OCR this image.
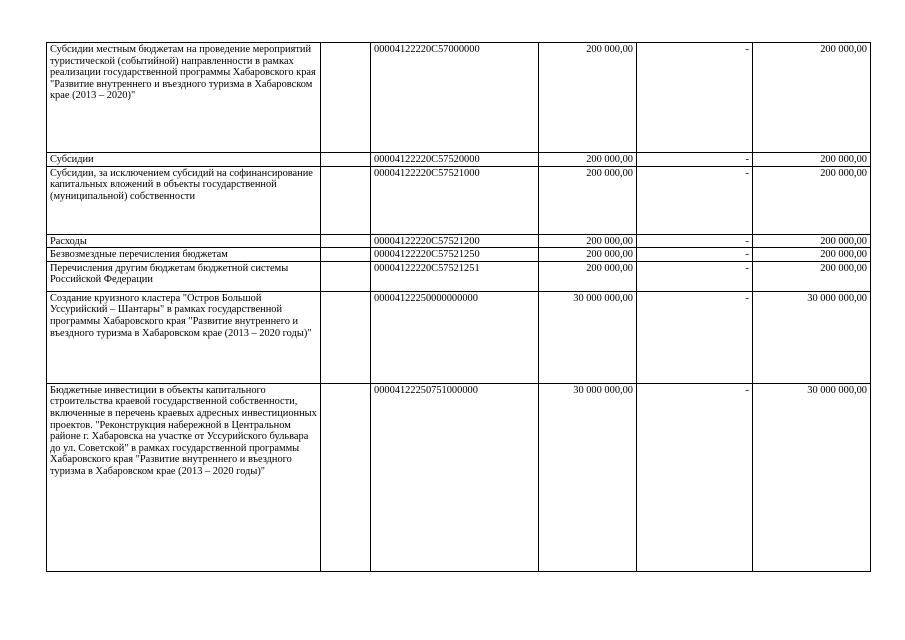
Субсидии местным бюджетам на проведение мероприятий туристической (событийной) направленности в рамках реализации государственной программы Хабаровского края "Развитие внутреннего и въездного туризма в Хабаровском крае (2013 – 2020)"		00004122220С57000000	200 000,00	-	200 000,00
Субсидии		00004122220С57520000	200 000,00	-	200 000,00
Субсидии, за исключением субсидий на софинансирование капитальных вложений в объекты государственной (муниципальной) собственности		00004122220С57521000	200 000,00	-	200 000,00
Расходы		00004122220С57521200	200 000,00	-	200 000,00
Безвозмездные перечисления бюджетам		00004122220С57521250	200 000,00	-	200 000,00
Перечисления другим бюджетам бюджетной системы Российской Федерации		00004122220С57521251	200 000,00	-	200 000,00
Создание круизного кластера "Остров Большой Уссурийский – Шантары" в рамках государственной программы Хабаровского края "Развитие внутреннего и въездного туризма в Хабаровском крае (2013 – 2020 годы)"		00004122250000000000	30 000 000,00	-	30 000 000,00
Бюджетные инвестиции в объекты капитального строительства краевой государственной собственности, включенные в перечень краевых адресных инвестиционных проектов. "Реконструкция набережной в Центральном районе г. Хабаровска на участке от Уссурийского бульвара до ул. Советской" в рамках государственной программы Хабаровского края "Развитие внутреннего и въездного туризма в Хабаровском крае (2013 – 2020 годы)"		00004122250751000000	30 000 000,00	-	30 000 000,00
